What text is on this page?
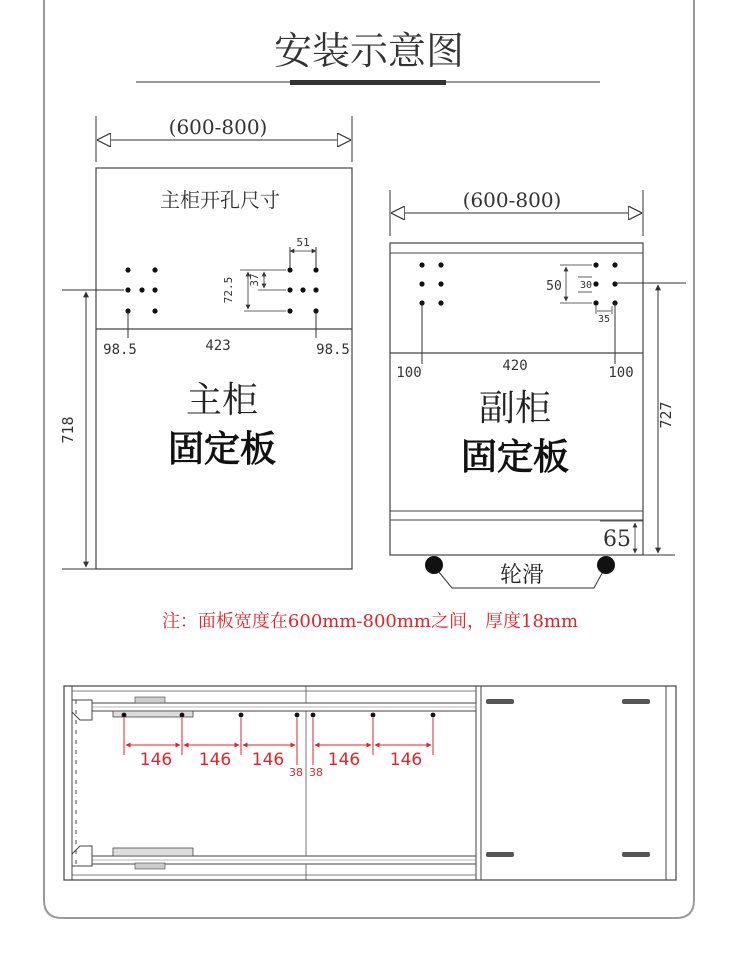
安装示意图
(600-800)
主柜开孔尺寸
51
37
72.5
98.5	423	98.5
主柜
固定板
718
(600-800)
50 30
35
100	420	100
副柜
固定板
65
727
轮滑
注：面板宽度在600mm-800mm之间，厚度18mm
146 146 146	146 146
38 38
